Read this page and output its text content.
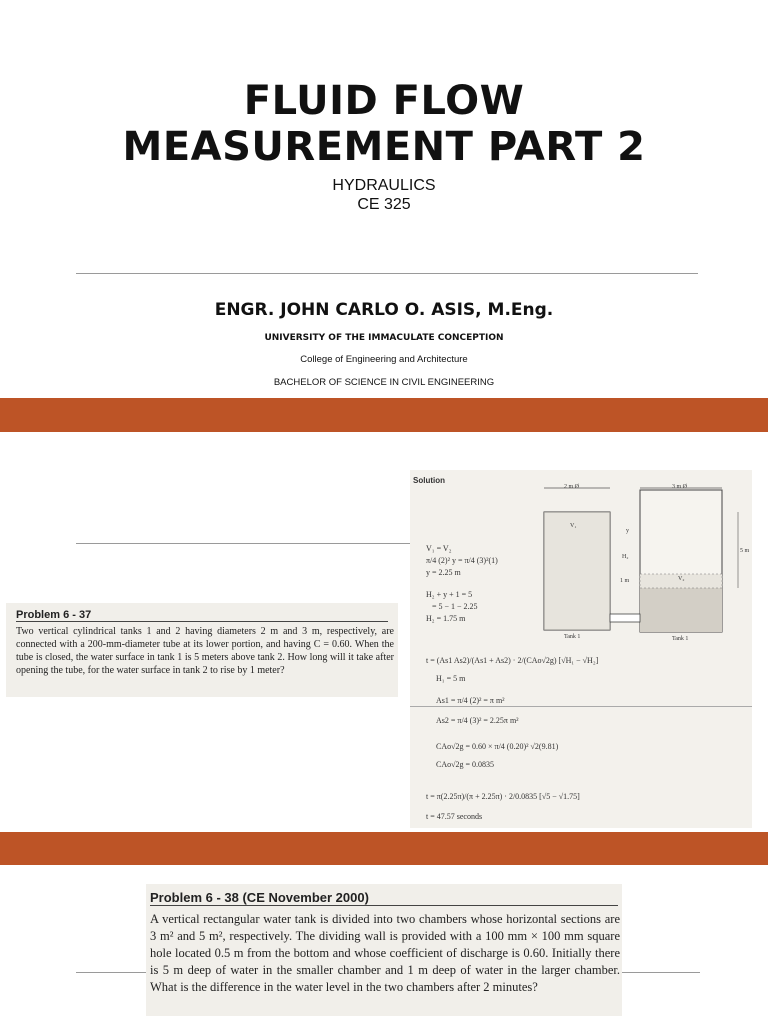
FLUID FLOW
MEASUREMENT PART 2
HYDRAULICS
CE 325
ENGR. JOHN CARLO O. ASIS, M.Eng.
UNIVERSITY OF THE IMMACULATE CONCEPTION
College of Engineering and Architecture
BACHELOR OF SCIENCE IN CIVIL ENGINEERING
Problem 6 - 37
Two vertical cylindrical tanks 1 and 2 having diameters 2 m and 3 m, respectively, are connected with a 200-mm-diameter tube at its lower portion, and having C = 0.60. When the tube is closed, the water surface in tank 1 is 5 meters above tank 2. How long will it take after opening the tube, for the water surface in tank 2 to rise by 1 meter?
Solution
2 m Ø	3 m Ø
V₁
V₂
y
H₂
1 m
5 m
Tank 1	Tank 1
V₁ = V₂
π/4 (2)² y = π/4 (3)²(1)
y = 2.25 m
H₂ + y + 1 = 5
= 5 − 1 − 2.25
H₂ = 1.75 m
t = (As1 As2)/(As1 + As2) · 2/(CAo√2g) [√H₁ − √H₂]
H₁ = 5 m
As1 = π/4 (2)² = π m²
As2 = π/4 (3)² = 2.25π m²
CAo√2g = 0.60 × π/4 (0.20)² √2(9.81)
CAo√2g = 0.0835
t = π(2.25π)/(π + 2.25π) · 2/0.0835 [√5 − √1.75]
t = 47.57 seconds
Problem 6 - 38 (CE November 2000)
A vertical rectangular water tank is divided into two chambers whose horizontal sections are 3 m² and 5 m², respectively. The dividing wall is provided with a 100 mm × 100 mm square hole located 0.5 m from the bottom and whose coefficient of discharge is 0.60. Initially there is 5 m deep of water in the smaller chamber and 1 m deep of water in the larger chamber. What is the difference in the water level in the two chambers after 2 minutes?
